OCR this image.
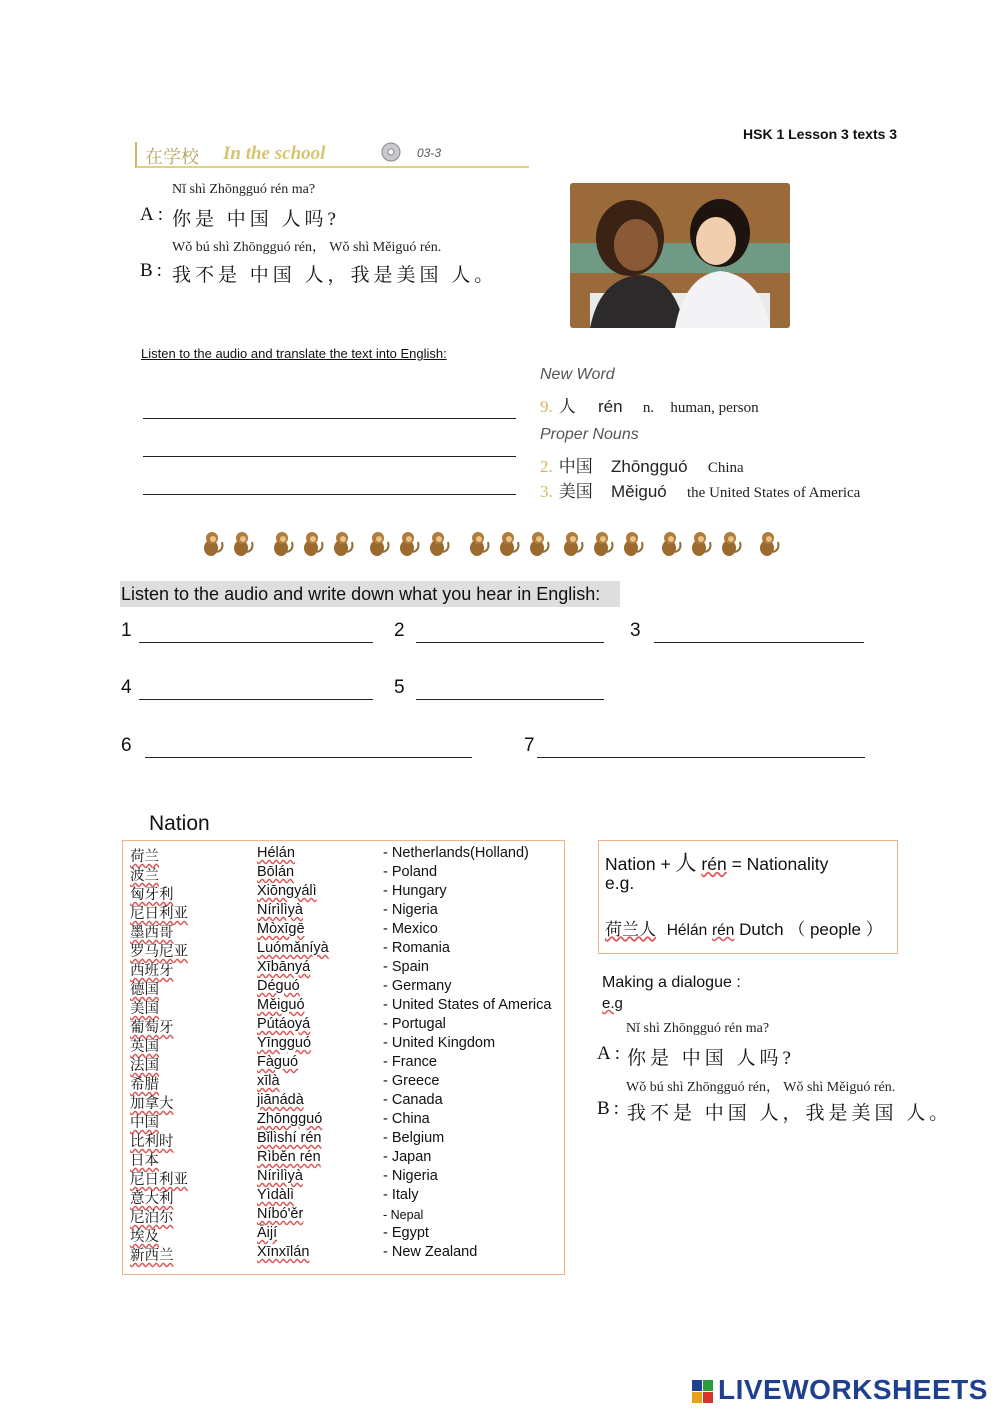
HSK 1 Lesson 3 texts 3
在学校 In the school	03-3
Nǐ shì Zhōngguó rén ma?
A: 你是 中国 人吗?
Wǒ bú shì Zhōngguó rén， Wǒ shì Měiguó rén.
B: 我不是 中国 人，我是美国 人。
Listen to the audio and translate the text into English:
New Word
9. 人 rén n. human, person
Proper Nouns
2. 中国 Zhōngguó China
3. 美国 Měiguó the United States of America
Listen to the audio and write down what you hear in English:
1	2	3
4	5
6	7
Nation
荷兰	Hélán	- Netherlands(Holland)
波兰	Bōlán	- Poland
匈牙利	Xiōngyálì	- Hungary
尼日利亚	Nírìlìyà	- Nigeria
墨西哥	Mòxīgē	- Mexico
罗马尼亚	Luómǎníyà	- Romania
西班牙	Xībānyá	- Spain
德国	Déguó	- Germany
美国	Měiguó	- United States of America
葡萄牙	Pútáoyá	- Portugal
英国	Yīngguó	- United Kingdom
法国	Fàguó	- France
希腊	xīlà	- Greece
加拿大	jiānádà	- Canada
中国	Zhōngguó	- China
比利时	Bǐlìshí rén	- Belgium
日本	Rìběn rén	- Japan
尼日利亚	Nírìlìyà	- Nigeria
意大利	Yìdàlì	- Italy
尼泊尔	Níbó'ěr	- Nepal
埃及	Āijí	- Egypt
新西兰	Xīnxīlán	- New Zealand
Nation + 人 rén = Nationality
e.g.
荷兰人 Hélán rén Dutch （ people ）
Making a dialogue :
e.g
Nǐ shì Zhōngguó rén ma?
A: 你是 中国 人吗?
Wǒ bú shì Zhōngguó rén， Wǒ shì Měiguó rén.
B: 我不是 中国 人，我是美国 人。
LIVEWORKSHEETS
